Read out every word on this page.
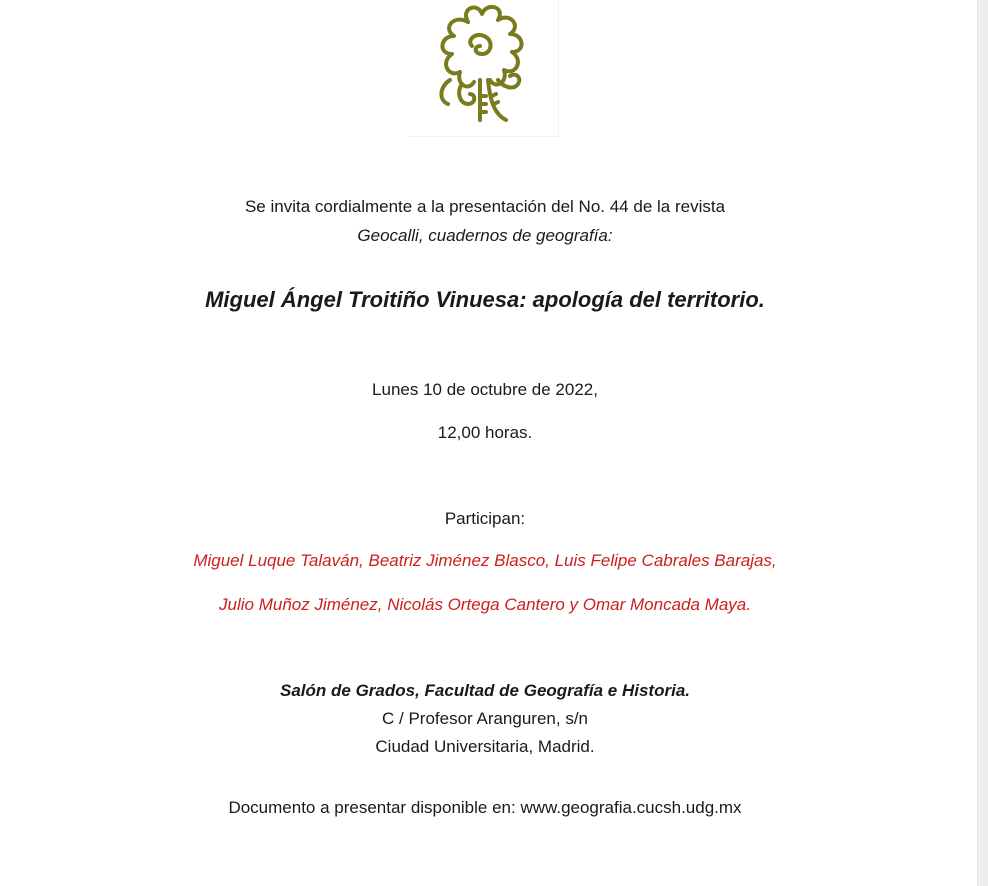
Se invita cordialmente a la presentación del No. 44 de la revista
Geocalli, cuadernos de geografía:
Miguel Ángel Troitiño Vinuesa: apología del territorio.
Lunes 10 de octubre de 2022,
12,00 horas.
Participan:
Miguel Luque Talaván, Beatriz Jiménez Blasco, Luis Felipe Cabrales Barajas,
Julio Muñoz Jiménez, Nicolás Ortega Cantero y Omar Moncada Maya.
Salón de Grados, Facultad de Geografía e Historia.
C / Profesor Aranguren, s/n
Ciudad Universitaria, Madrid.
Documento a presentar disponible en: www.geografia.cucsh.udg.mx
